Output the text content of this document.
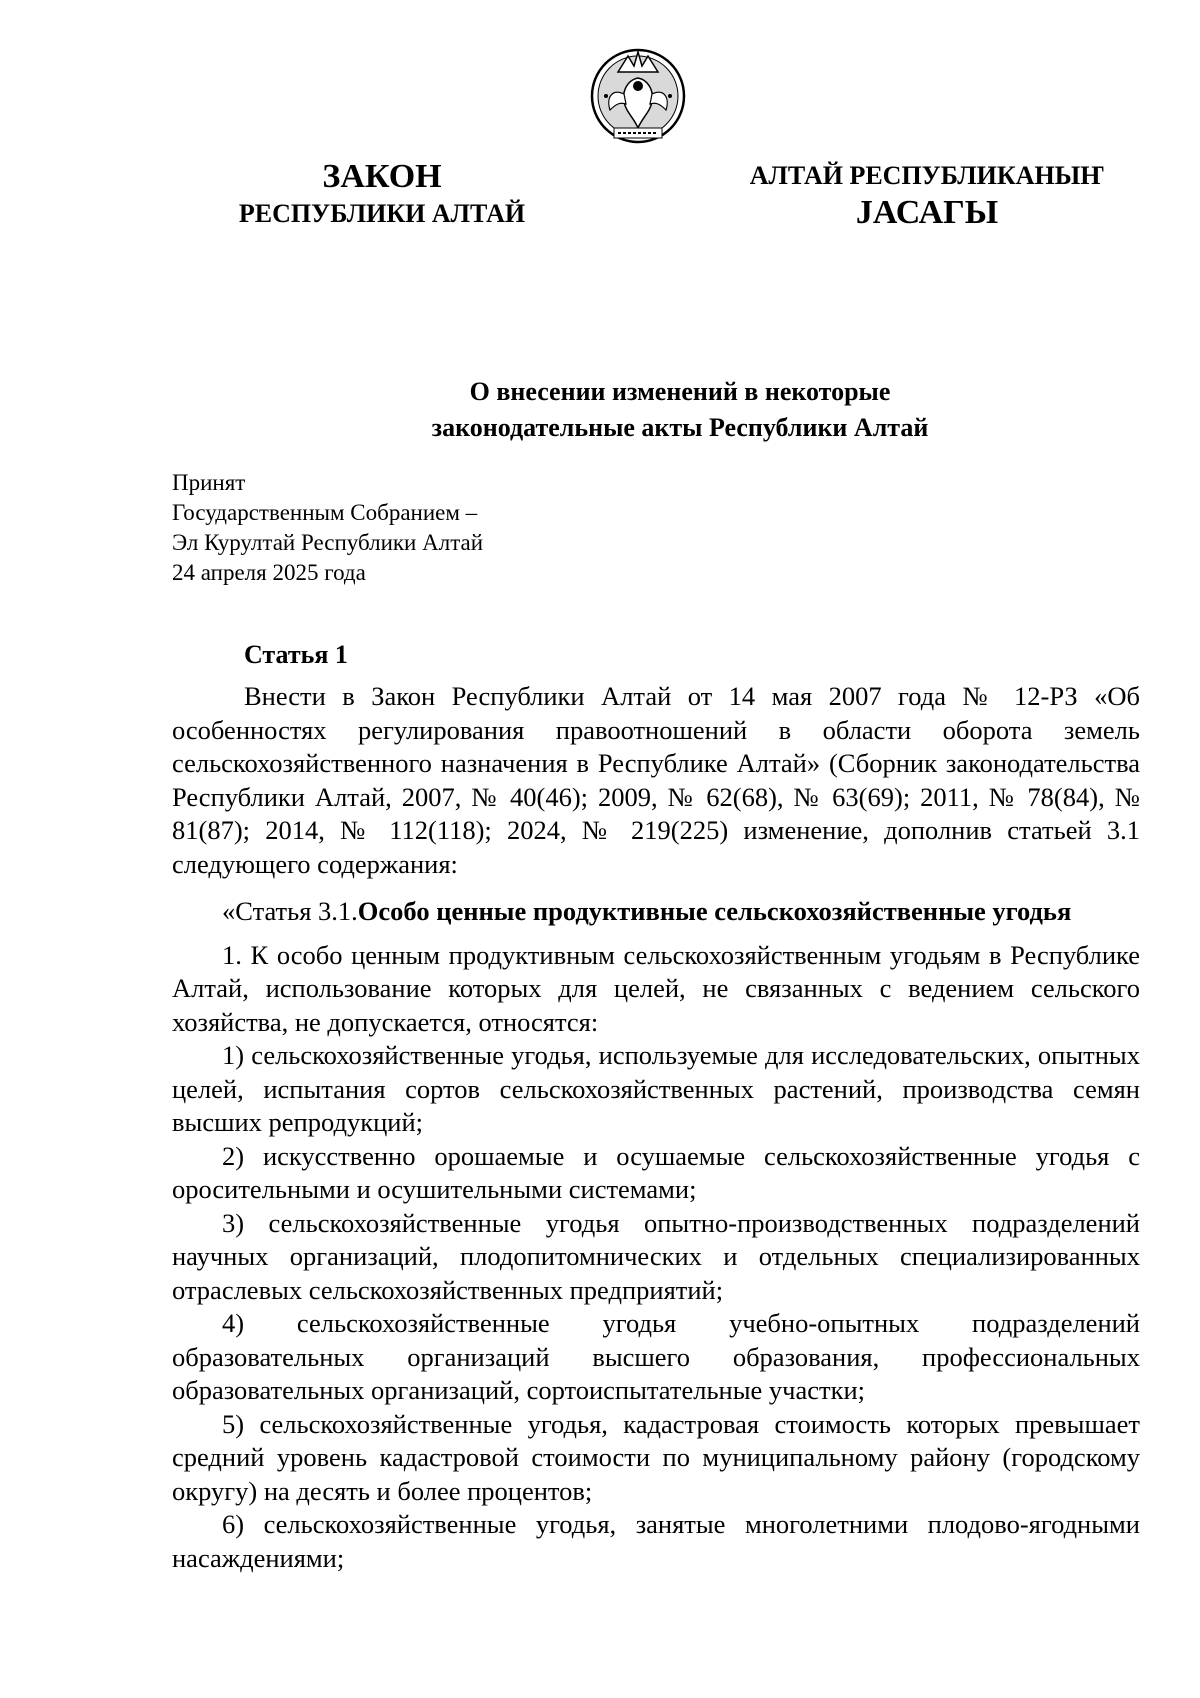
ЗАКОН
РЕСПУБЛИКИ АЛТАЙ
АЛТАЙ РЕСПУБЛИКАНЫҤ
JАСАГЫ
О внесении изменений в некоторые
законодательные акты Республики Алтай
Принят
Государственным Собранием –
Эл Курултай Республики Алтай
24 апреля 2025 года
Статья 1

Внести в Закон Республики Алтай от 14 мая 2007 года № 12-РЗ «Об особенностях регулирования правоотношений в области оборота земель сельскохозяйственного назначения в Республике Алтай» (Сборник законодательства Республики Алтай, 2007, № 40(46); 2009, № 62(68), № 63(69); 2011, № 78(84), № 81(87); 2014, № 112(118); 2024, № 219(225) изменение, дополнив статьей 3.1 следующего содержания:

«Статья 3.1.Особо ценные продуктивные сельскохозяйственные угодья

1. К особо ценным продуктивным сельскохозяйственным угодьям в Республике Алтай, использование которых для целей, не связанных с ведением сельского хозяйства, не допускается, относятся:

1) сельскохозяйственные угодья, используемые для исследовательских, опытных целей, испытания сортов сельскохозяйственных растений, производства семян высших репродукций;

2) искусственно орошаемые и осушаемые сельскохозяйственные угодья с оросительными и осушительными системами;

3) сельскохозяйственные угодья опытно-производственных подразделений научных организаций, плодопитомнических и отдельных специализированных отраслевых сельскохозяйственных предприятий;

4) сельскохозяйственные угодья учебно-опытных подразделений образовательных организаций высшего образования, профессиональных образовательных организаций, сортоиспытательные участки;

5) сельскохозяйственные угодья, кадастровая стоимость которых превышает средний уровень кадастровой стоимости по муниципальному району (городскому округу) на десять и более процентов;

6) сельскохозяйственные угодья, занятые многолетними плодово-ягодными насаждениями;
